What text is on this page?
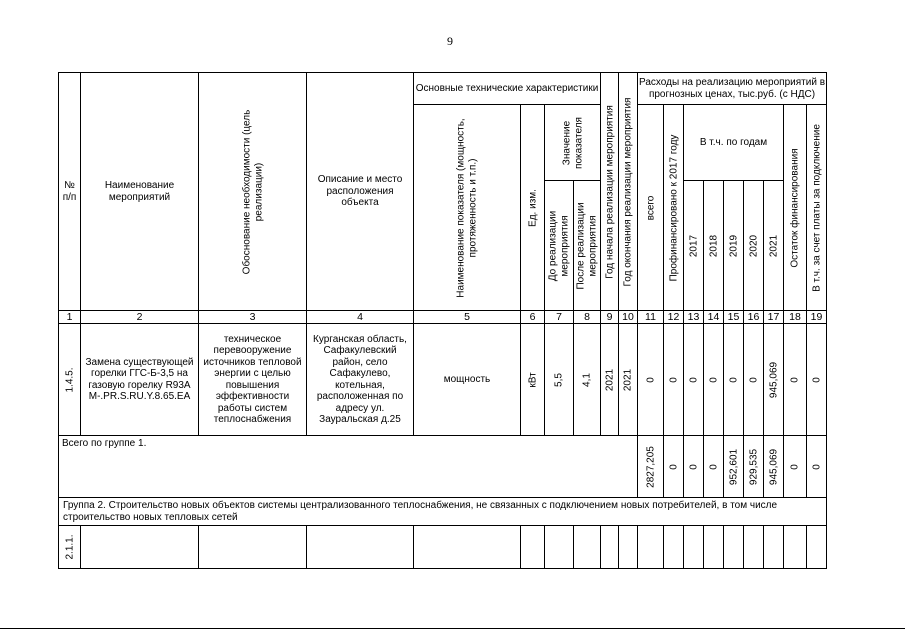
9
№ п/п	Наименование мероприятий	Обоснование необходимости (цель реализации)	Описание и место расположения объекта	Основные технические характеристики				Год начала реализации мероприятия	Год окончания реализации мероприятия	Расходы на реализацию мероприятий в прогнозных ценах, тыс.руб. (с НДС)								

				Наименование показателя (мощность, протяженность и т.п.)	Ед. изм.	Значение показателя				всего	Профинансировано к 2017 году	В т.ч. по годам					Остаток финансирования	В т.ч. за счет платы за подключение

						До реализации мероприятия	После реализации мероприятия					2017	2018	2019	2020	2021		

1	2	3	4	5	6	7	8	9	10	11	12	13	14	15	16	17	18	19

1.4.5.	Замена существующей горелки ГГС-Б-3,5 на газовую горелку R93A M-.PR.S.RU.Y.8.65.EA	техническое перевооружение источников тепловой энергии с целью повышения эффективности работы систем теплоснабжения	Курганская область, Сафакулевский район, село Сафакулево, котельная, расположенная по адресу ул. Зауральская д.25	мощность	кВт	5,5	4,1	2021	2021	0	0	0	0	0	0	945,069	0	0

Всего по группе 1.										2827,205	0	0	0	952,601	929,535	945,069	0	0

Группа 2. Строительство новых объектов системы централизованного теплоснабжения, не связанных с подключением новых потребителей, в том числе строительство новых тепловых сетей																		

2.1.1.																		
